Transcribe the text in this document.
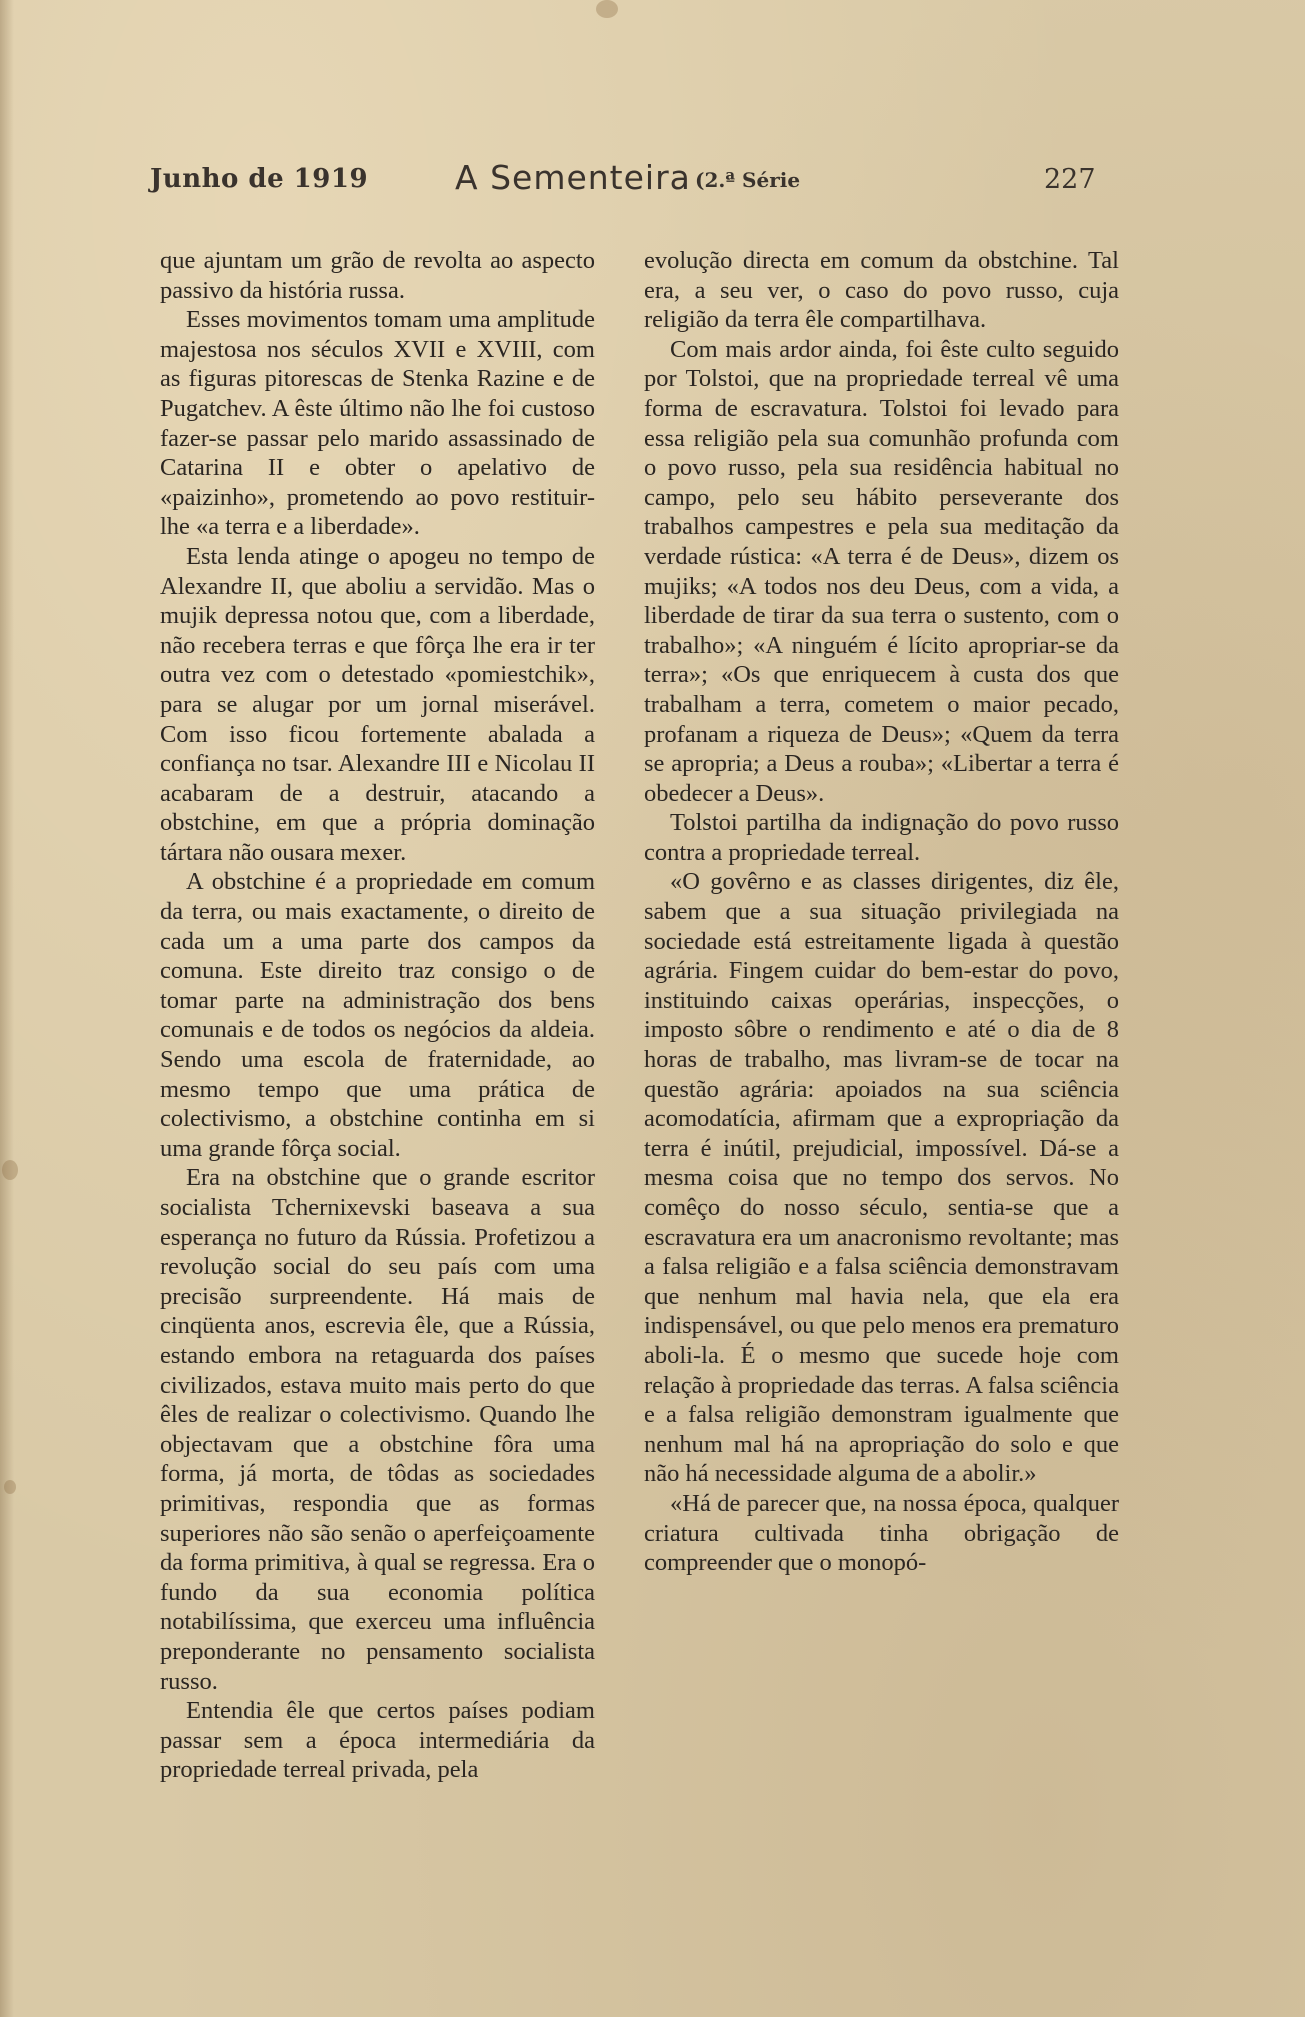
Junho de 1919	A Sementeira (2.ª Série	227

que ajuntam um grão de revolta ao aspecto passivo da história russa.

Esses movimentos tomam uma amplitude majestosa nos séculos XVII e XVIII, com as figuras pitorescas de Stenka Razine e de Pugatchev. A êste último não lhe foi custoso fazer-se passar pelo marido assassinado de Catarina II e obter o apelativo de «paizinho», prometendo ao povo restituir-lhe «a terra e a liberdade».

Esta lenda atinge o apogeu no tempo de Alexandre II, que aboliu a servidão. Mas o mujik depressa notou que, com a liberdade, não recebera terras e que fôrça lhe era ir ter outra vez com o detestado «pomiestchik», para se alugar por um jornal miserável. Com isso ficou fortemente abalada a confiança no tsar. Alexandre III e Nicolau II acabaram de a destruir, atacando a obstchine, em que a própria dominação tártara não ousara mexer.

A obstchine é a propriedade em comum da terra, ou mais exactamente, o direito de cada um a uma parte dos campos da comuna. Este direito traz consigo o de tomar parte na administração dos bens comunais e de todos os negócios da aldeia. Sendo uma escola de fraternidade, ao mesmo tempo que uma prática de colectivismo, a obstchine continha em si uma grande fôrça social.

Era na obstchine que o grande escritor socialista Tchernixevski baseava a sua esperança no futuro da Rússia. Profetizou a revolução social do seu país com uma precisão surpreendente. Há mais de cinqüenta anos, escrevia êle, que a Rússia, estando embora na retaguarda dos países civilizados, estava muito mais perto do que êles de realizar o colectivismo. Quando lhe objectavam que a obstchine fôra uma forma, já morta, de tôdas as sociedades primitivas, respondia que as formas superiores não são senão o aperfeiçoamente da forma primitiva, à qual se regressa. Era o fundo da sua economia política notabilíssima, que exerceu uma influência preponderante no pensamento socialista russo.

Entendia êle que certos países podiam passar sem a época intermediária da propriedade terreal privada, pela

evolução directa em comum da obstchine. Tal era, a seu ver, o caso do povo russo, cuja religião da terra êle compartilhava.

Com mais ardor ainda, foi êste culto seguido por Tolstoi, que na propriedade terreal vê uma forma de escravatura. Tolstoi foi levado para essa religião pela sua comunhão profunda com o povo russo, pela sua residência habitual no campo, pelo seu hábito perseverante dos trabalhos campestres e pela sua meditação da verdade rústica: «A terra é de Deus», dizem os mujiks; «A todos nos deu Deus, com a vida, a liberdade de tirar da sua terra o sustento, com o trabalho»; «A ninguém é lícito apropriar-se da terra»; «Os que enriquecem à custa dos que trabalham a terra, cometem o maior pecado, profanam a riqueza de Deus»; «Quem da terra se apropria; a Deus a rouba»; «Libertar a terra é obedecer a Deus».

Tolstoi partilha da indignação do povo russo contra a propriedade terreal.

«O govêrno e as classes dirigentes, diz êle, sabem que a sua situação privilegiada na sociedade está estreitamente ligada à questão agrária. Fingem cuidar do bem-estar do povo, instituindo caixas operárias, inspecções, o imposto sôbre o rendimento e até o dia de 8 horas de trabalho, mas livram-se de tocar na questão agrária: apoiados na sua sciência acomodatícia, afirmam que a expropriação da terra é inútil, prejudicial, impossível. Dá-se a mesma coisa que no tempo dos servos. No comêço do nosso século, sentia-se que a escravatura era um anacronismo revoltante; mas a falsa religião e a falsa sciência demonstravam que nenhum mal havia nela, que ela era indispensável, ou que pelo menos era prematuro aboli-la. É o mesmo que sucede hoje com relação à propriedade das terras. A falsa sciência e a falsa religião demonstram igualmente que nenhum mal há na apropriação do solo e que não há necessidade alguma de a abolir.»

«Há de parecer que, na nossa época, qualquer criatura cultivada tinha obrigação de compreender que o monopó-
